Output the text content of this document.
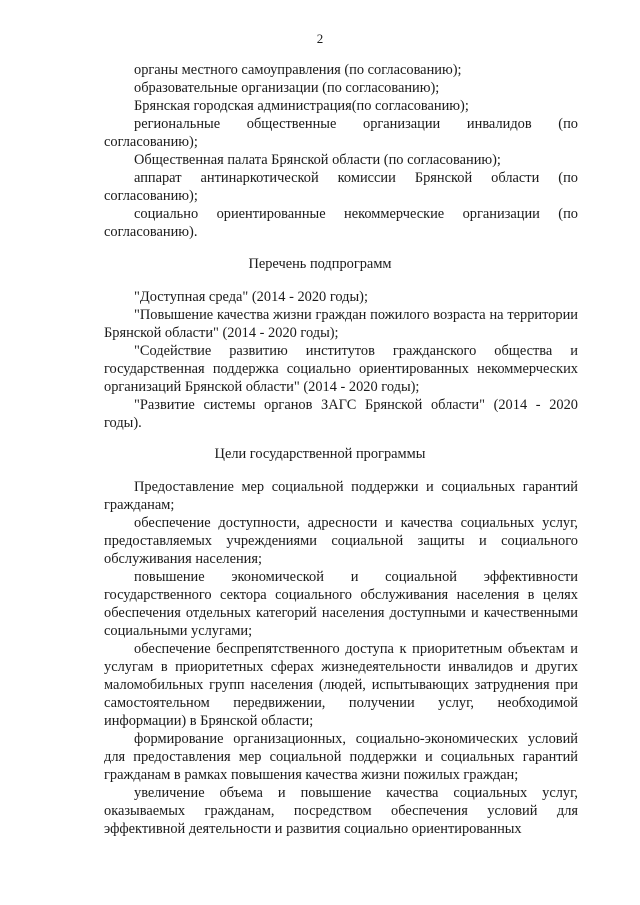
2

органы местного самоуправления (по согласованию);

образовательные организации (по согласованию);

Брянская городская администрация(по согласованию);

региональные общественные организации инвалидов (по согласованию);

Общественная палата Брянской области (по согласованию);

аппарат антинаркотической комиссии Брянской области (по согласованию);

социально ориентированные некоммерческие организации (по согласованию).

Перечень подпрограмм

"Доступная среда" (2014 - 2020 годы);

"Повышение качества жизни граждан пожилого возраста на территории Брянской области" (2014 - 2020 годы);

"Содействие развитию институтов гражданского общества и государственная поддержка социально ориентированных некоммерческих организаций Брянской области" (2014 - 2020 годы);

"Развитие системы органов ЗАГС Брянской области" (2014 - 2020 годы).

Цели государственной программы

Предоставление мер социальной поддержки и социальных гарантий гражданам;

обеспечение доступности, адресности и качества социальных услуг, предоставляемых учреждениями социальной защиты и социального обслуживания населения;

повышение экономической и социальной эффективности государственного сектора социального обслуживания населения в целях обеспечения отдельных категорий населения доступными и качественными социальными услугами;

обеспечение беспрепятственного доступа к приоритетным объектам и услугам в приоритетных сферах жизнедеятельности инвалидов и других маломобильных групп населения (людей, испытывающих затруднения при самостоятельном передвижении, получении услуг, необходимой информации) в Брянской области;

формирование организационных, социально-экономических условий для предоставления мер социальной поддержки и социальных гарантий гражданам в рамках повышения качества жизни пожилых граждан;

увеличение объема и повышение качества социальных услуг, оказываемых гражданам, посредством обеспечения условий для эффективной деятельности и развития социально ориентированных
